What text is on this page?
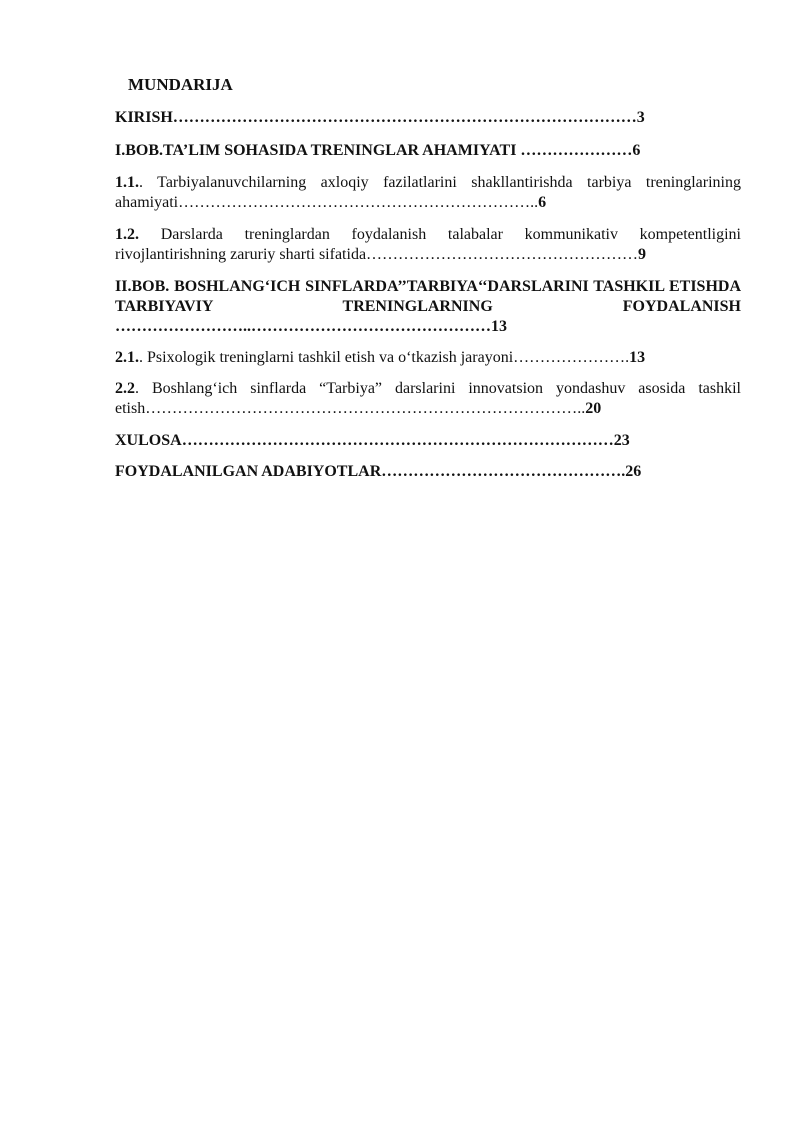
MUNDARIJA
KIRISH……………………………………………………………………………3
I.BOB.TA’LIM SOHASIDA TRENINGLAR AHAMIYATI …………………6
1.1.. Tarbiyalanuvchilarning axloqiy fazilatlarini shakllantirishda tarbiya treninglarining ahamiyati…………………………………………………………..6
1.2. Darslarda treninglardan foydalanish talabalar kommunikativ kompetentligini rivojlantirishning zaruriy sharti sifatida……………………………………………9
II.BOB. BOSHLANG‘ICH SINFLARDA’’TARBIYA‘‘DARSLARINI TASHKIL ETISHDA TARBIYAVIY TRENINGLARNING FOYDALANISH ……………………..………………………………………13
2.1.. Psixologik treninglarni tashkil etish va o‘tkazish jarayoni………………….13
2.2. Boshlang‘ich sinflarda “Tarbiya” darslarini innovatsion yondashuv asosida tashkil etish………………………………………………………………………..20
XULOSA………………………………………………………………………23
FOYDALANILGAN ADABIYOTLAR……………………………………….26
